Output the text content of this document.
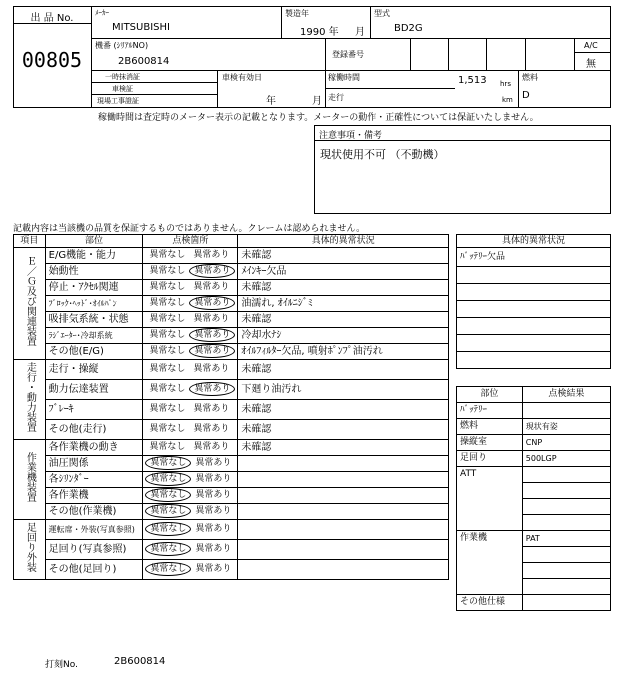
出 品 No.
00805
ﾒｰｶｰ
MITSUBISHI
製造年
1990 年 月
型式
BD2G
機番 (ｼﾘｱﾙNO)
2B600814
登録番号
A/C
無
一時抹消証
車検証
現場工事證証
車検有効日
年	月
稼働時間	1,513 hrs
走行	km
燃料
D
稼働時間は査定時のメーター表示の記載となります。メーターの動作・正確性については保証いたしません。
注意事項・備考
現状使用不可 （不動機）
記載内容は当該機の品質を保証するものではありません。クレームは認められません。
項目	部位	点検箇所	具体的異常状況
Ｅ／Ｇ及び関連装置	E/G機能・能力	異常なし 異常あり	未確認
	始動性	異常なし 異常あり	ﾒｲﾝｷｰ欠品
	停止・ｱｸｾﾙ関連	異常なし 異常あり	未確認
	ﾌﾞﾛｯｸ･ﾍｯﾄﾞ･ｵｲﾙﾊﾟﾝ	異常なし 異常あり	油濡れ, ｵｲﾙﾆｼﾞﾐ
	吸排気系統・状態	異常なし 異常あり	未確認
	ﾗｼﾞｴｰﾀｰ･冷却系統	異常なし 異常あり	冷却水ﾅｼ
	その他(E/G)	異常なし 異常あり	ｵｲﾙﾌｨﾙﾀｰ欠品, 噴射ﾎﾟﾝﾌﾟ油汚れ
走行・動力装置	走行・操縦	異常なし 異常あり	未確認
	動力伝達装置	異常なし 異常あり	下廻り油汚れ
	ﾌﾞﾚｰｷ	異常なし 異常あり	未確認
	その他(走行)	異常なし 異常あり	未確認
作業機装置	各作業機の動き	異常なし 異常あり	未確認
	油圧関係	異常なし 異常あり	
	各ｼﾘﾝﾀﾞｰ	異常なし 異常あり	
	各作業機	異常なし 異常あり	
	その他(作業機)	異常なし 異常あり	
足回り外装	運転席・外装(写真参照)	異常なし 異常あり	
	足回り(写真参照)	異常なし 異常あり	
	その他(足回り)	異常なし 異常あり	
具体的異常状況
ﾊﾞｯﾃﾘｰ欠品

部位	点検結果
ﾊﾞｯﾃﾘｰ	
燃料	現状有姿
操縦室	CNP
足回り	500LGP
ATT	

作業機	PAT

その他仕様	
打刻No.	2B600814
